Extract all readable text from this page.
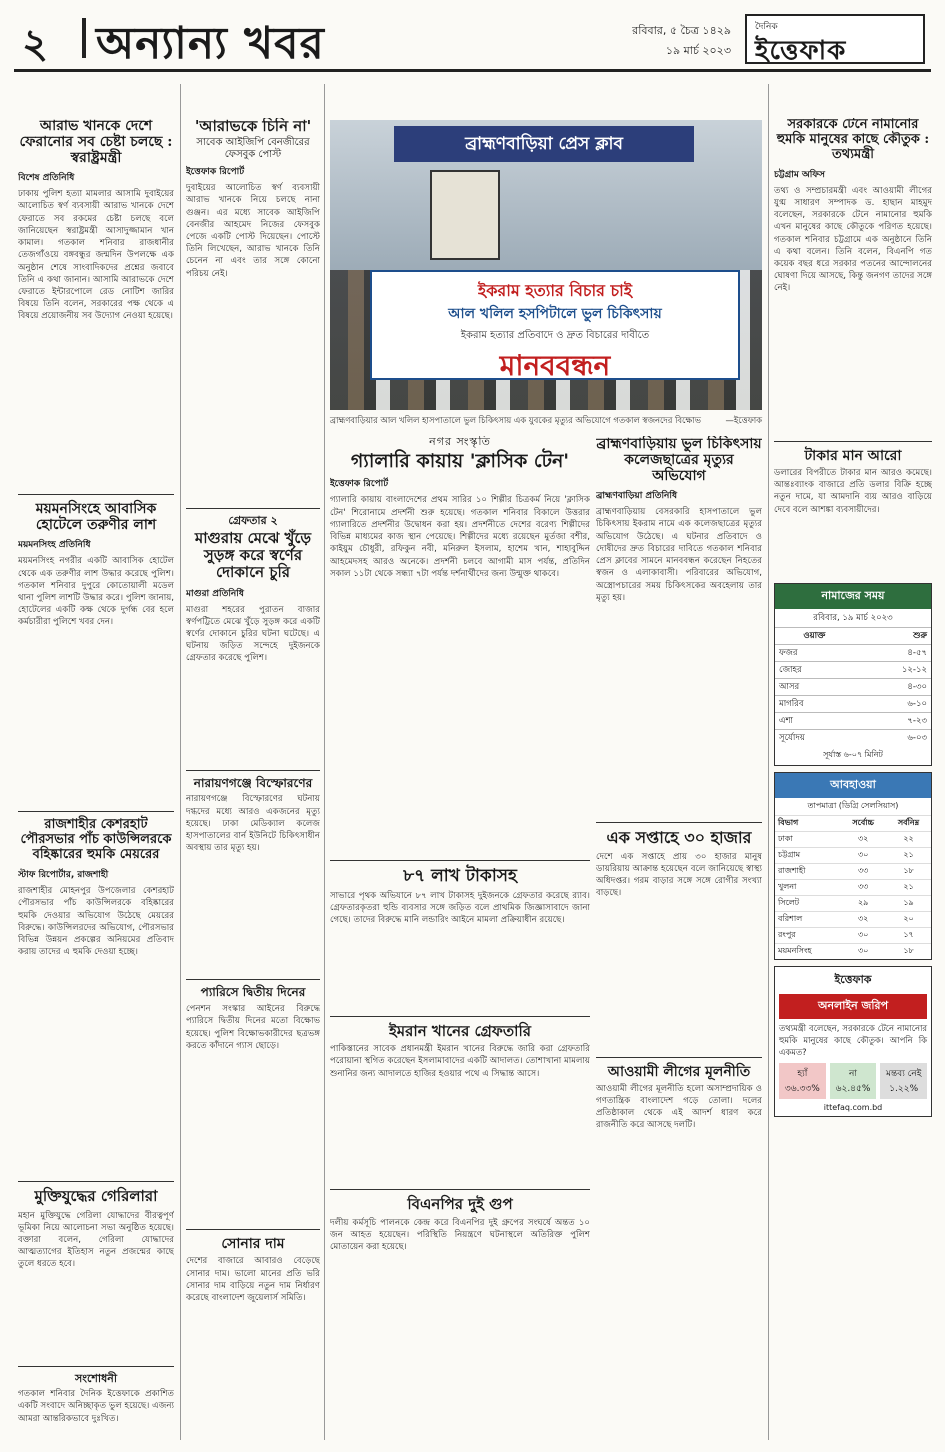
২ অন্যান্য খবর	রবিবার, ৫ চৈত্র ১৪২৯
১৯ মার্চ ২০২৩
দৈনিক
ইত্তেফাক
আরাভ খানকে দেশে ফেরানোর সব চেষ্টা চলছে : স্বরাষ্ট্রমন্ত্রী
বিশেষ প্রতিনিধি
ঢাকায় পুলিশ হত্যা মামলার আসামি দুবাইয়ের আলোচিত স্বর্ণ ব্যবসায়ী আরাভ খানকে দেশে ফেরাতে সব রকমের চেষ্টা চলছে বলে জানিয়েছেন স্বরাষ্ট্রমন্ত্রী আসাদুজ্জামান খান কামাল। গতকাল শনিবার রাজধানীর তেজগাঁওয়ে বঙ্গবন্ধুর জন্মদিন উপলক্ষে এক অনুষ্ঠান শেষে সাংবাদিকদের প্রশ্নের জবাবে তিনি এ কথা জানান। আসামি আরাভকে দেশে ফেরাতে ইন্টারপোলে রেড নোটিশ জারির বিষয়ে তিনি বলেন, সরকারের পক্ষ থেকে এ বিষয়ে প্রয়োজনীয় সব উদ্যোগ নেওয়া হয়েছে।
ময়মনসিংহে আবাসিক হোটেলে তরুণীর লাশ
ময়মনসিংহ প্রতিনিধি
ময়মনসিংহ নগরীর একটি আবাসিক হোটেল থেকে এক তরুণীর লাশ উদ্ধার করেছে পুলিশ। গতকাল শনিবার দুপুরে কোতোয়ালী মডেল থানা পুলিশ লাশটি উদ্ধার করে। পুলিশ জানায়, হোটেলের একটি কক্ষ থেকে দুর্গন্ধ বের হলে কর্মচারীরা পুলিশে খবর দেন।
রাজশাহীর কেশরহাট পৌরসভার পাঁচ কাউন্সিলরকে বহিষ্কারের হুমকি মেয়রের
স্টাফ রিপোর্টার, রাজশাহী
রাজশাহীর মোহনপুর উপজেলার কেশরহাট পৌরসভার পাঁচ কাউন্সিলরকে বহিষ্কারের হুমকি দেওয়ার অভিযোগ উঠেছে মেয়রের বিরুদ্ধে। কাউন্সিলরদের অভিযোগ, পৌরসভার বিভিন্ন উন্নয়ন প্রকল্পের অনিয়মের প্রতিবাদ করায় তাদের এ হুমকি দেওয়া হচ্ছে।
মুক্তিযুদ্ধের গেরিলারা
মহান মুক্তিযুদ্ধে গেরিলা যোদ্ধাদের বীরত্বপূর্ণ ভূমিকা নিয়ে আলোচনা সভা অনুষ্ঠিত হয়েছে। বক্তারা বলেন, গেরিলা যোদ্ধাদের আত্মত্যাগের ইতিহাস নতুন প্রজন্মের কাছে তুলে ধরতে হবে।
সংশোধনী
গতকাল শনিবার দৈনিক ইত্তেফাকে প্রকাশিত একটি সংবাদে অনিচ্ছাকৃত ভুল হয়েছে। এজন্য আমরা আন্তরিকভাবে দুঃখিত।
'আরাভকে চিনি না'
সাবেক আইজিপি বেনজীরের ফেসবুক পোস্ট
ইত্তেফাক রিপোর্ট
দুবাইয়ের আলোচিত স্বর্ণ ব্যবসায়ী আরাভ খানকে নিয়ে চলছে নানা গুঞ্জন। এর মধ্যে সাবেক আইজিপি বেনজীর আহমেদ নিজের ফেসবুক পেজে একটি পোস্ট দিয়েছেন। পোস্টে তিনি লিখেছেন, আরাভ খানকে তিনি চেনেন না এবং তার সঙ্গে কোনো পরিচয় নেই।
গ্রেফতার ২
মাগুরায় মেঝে খুঁড়ে সুড়ঙ্গ করে স্বর্ণের দোকানে চুরি
মাগুরা প্রতিনিধি
মাগুরা শহরের পুরাতন বাজার স্বর্ণপট্টিতে মেঝে খুঁড়ে সুড়ঙ্গ করে একটি স্বর্ণের দোকানে চুরির ঘটনা ঘটেছে। এ ঘটনায় জড়িত সন্দেহে দুইজনকে গ্রেফতার করেছে পুলিশ।
নারায়ণগঞ্জে বিস্ফোরণের
নারায়ণগঞ্জে বিস্ফোরণের ঘটনায় দগ্ধদের মধ্যে আরও একজনের মৃত্যু হয়েছে। ঢাকা মেডিক্যাল কলেজ হাসপাতালের বার্ন ইউনিটে চিকিৎসাধীন অবস্থায় তার মৃত্যু হয়।
প্যারিসে দ্বিতীয় দিনের
পেনশন সংস্কার আইনের বিরুদ্ধে প্যারিসে দ্বিতীয় দিনের মতো বিক্ষোভ হয়েছে। পুলিশ বিক্ষোভকারীদের ছত্রভঙ্গ করতে কাঁদানে গ্যাস ছোড়ে।
সোনার দাম
দেশের বাজারে আবারও বেড়েছে সোনার দাম। ভালো মানের প্রতি ভরি সোনার দাম বাড়িয়ে নতুন দাম নির্ধারণ করেছে বাংলাদেশ জুয়েলার্স সমিতি।
ব্রাহ্মণবাড়িয়া প্রেস ক্লাব
ইকরাম হত্যার বিচার চাই
আল খলিল হসপিটালে ভুল চিকিৎসায়
ইকরাম হত্যার প্রতিবাদে ও দ্রুত বিচারের দাবীতে
মানববন্ধন
ব্রাহ্মণবাড়িয়ার আল খলিল হাসপাতালে ভুল চিকিৎসায় এক যুবকের মৃত্যুর অভিযোগে গতকাল স্বজনদের বিক্ষোভ	—ইত্তেফাক
নগর সংস্কৃতি
গ্যালারি কায়ায় 'ক্লাসিক টেন'
ইত্তেফাক রিপোর্ট
গ্যালারি কায়ায় বাংলাদেশের প্রথম সারির ১০ শিল্পীর চিত্রকর্ম নিয়ে 'ক্লাসিক টেন' শিরোনামে প্রদর্শনী শুরু হয়েছে। গতকাল শনিবার বিকালে উত্তরার গ্যালারিতে প্রদর্শনীর উদ্বোধন করা হয়। প্রদর্শনীতে দেশের বরেণ্য শিল্পীদের বিভিন্ন মাধ্যমের কাজ স্থান পেয়েছে। শিল্পীদের মধ্যে রয়েছেন মুর্তজা বশীর, কাইয়ুম চৌধুরী, রফিকুন নবী, মনিরুল ইসলাম, হাশেম খান, শাহাবুদ্দিন আহমেদসহ আরও অনেকে। প্রদর্শনী চলবে আগামী মাস পর্যন্ত, প্রতিদিন সকাল ১১টা থেকে সন্ধ্যা ৭টা পর্যন্ত দর্শনার্থীদের জন্য উন্মুক্ত থাকবে।
৮৭ লাখ টাকাসহ
সাভারে পৃথক অভিযানে ৮৭ লাখ টাকাসহ দুইজনকে গ্রেফতার করেছে র‍্যাব। গ্রেফতারকৃতরা হুন্ডি ব্যবসার সঙ্গে জড়িত বলে প্রাথমিক জিজ্ঞাসাবাদে জানা গেছে। তাদের বিরুদ্ধে মানি লন্ডারিং আইনে মামলা প্রক্রিয়াধীন রয়েছে।
ইমরান খানের গ্রেফতারি
পাকিস্তানের সাবেক প্রধানমন্ত্রী ইমরান খানের বিরুদ্ধে জারি করা গ্রেফতারি পরোয়ানা স্থগিত করেছেন ইসলামাবাদের একটি আদালত। তোশাখানা মামলায় শুনানির জন্য আদালতে হাজির হওয়ার পথে এ সিদ্ধান্ত আসে।
বিএনপির দুই গুপ
দলীয় কর্মসূচি পালনকে কেন্দ্র করে বিএনপির দুই গ্রুপের সংঘর্ষে অন্তত ১০ জন আহত হয়েছেন। পরিস্থিতি নিয়ন্ত্রণে ঘটনাস্থলে অতিরিক্ত পুলিশ মোতায়েন করা হয়েছে।
ব্রাহ্মণবাড়িয়ায় ভুল চিকিৎসায় কলেজছাত্রের মৃত্যুর অভিযোগ
ব্রাহ্মণবাড়িয়া প্রতিনিধি
ব্রাহ্মণবাড়িয়ায় বেসরকারি হাসপাতালে ভুল চিকিৎসায় ইকরাম নামে এক কলেজছাত্রের মৃত্যুর অভিযোগ উঠেছে। এ ঘটনার প্রতিবাদে ও দোষীদের দ্রুত বিচারের দাবিতে গতকাল শনিবার প্রেস ক্লাবের সামনে মানববন্ধন করেছেন নিহতের স্বজন ও এলাকাবাসী। পরিবারের অভিযোগ, অস্ত্রোপচারের সময় চিকিৎসকের অবহেলায় তার মৃত্যু হয়।
এক সপ্তাহে ৩০ হাজার
দেশে এক সপ্তাহে প্রায় ৩০ হাজার মানুষ ডায়রিয়ায় আক্রান্ত হয়েছেন বলে জানিয়েছে স্বাস্থ্য অধিদপ্তর। গরম বাড়ার সঙ্গে সঙ্গে রোগীর সংখ্যা বাড়ছে।
আওয়ামী লীগের মূলনীতি
আওয়ামী লীগের মূলনীতি হলো অসাম্প্রদায়িক ও গণতান্ত্রিক বাংলাদেশ গড়ে তোলা। দলের প্রতিষ্ঠাকাল থেকে এই আদর্শ ধারণ করে রাজনীতি করে আসছে দলটি।
সরকারকে টেনে নামানোর হুমকি মানুষের কাছে কৌতুক : তথ্যমন্ত্রী
চট্টগ্রাম অফিস
তথ্য ও সম্প্রচারমন্ত্রী এবং আওয়ামী লীগের যুগ্ম সাধারণ সম্পাদক ড. হাছান মাহমুদ বলেছেন, সরকারকে টেনে নামানোর হুমকি এখন মানুষের কাছে কৌতুকে পরিণত হয়েছে। গতকাল শনিবার চট্টগ্রামে এক অনুষ্ঠানে তিনি এ কথা বলেন। তিনি বলেন, বিএনপি গত কয়েক বছর ধরে সরকার পতনের আন্দোলনের ঘোষণা দিয়ে আসছে, কিন্তু জনগণ তাদের সঙ্গে নেই।
টাকার মান আরো
ডলারের বিপরীতে টাকার মান আরও কমেছে। আন্তঃব্যাংক বাজারে প্রতি ডলার বিক্রি হচ্ছে নতুন দামে, যা আমদানি ব্যয় আরও বাড়িয়ে দেবে বলে আশঙ্কা ব্যবসায়ীদের।
নামাজের সময়
রবিবার, ১৯ মার্চ ২০২৩
ওয়াক্ত	শুরু
ফজর	৪-৫৭
জোহর	১২-১২
আসর	৪-৩০
মাগরিব	৬-১০
এশা	৭-২৩
সূর্যোদয়	৬-০৩
সূর্যাস্ত ৬-০৭ মিনিট
আবহাওয়া
তাপমাত্রা (ডিগ্রি সেলসিয়াস)
বিভাগ	সর্বোচ্চ	সর্বনিম্ন
ঢাকা	৩২	২২
চট্টগ্রাম	৩০	২১
রাজশাহী	৩৩	১৮
খুলনা	৩৩	২১
সিলেট	২৯	১৯
বরিশাল	৩২	২০
রংপুর	৩০	১৭
ময়মনসিংহ	৩০	১৮
ইত্তেফাক
অনলাইন জরিপ
তথ্যমন্ত্রী বলেছেন, সরকারকে টেনে নামানোর হুমকি মানুষের কাছে কৌতুক। আপনি কি একমত?
হ্যাঁ
৩৬.৩৩%
না
৬২.৪৫%
মন্তব্য নেই
১.২২%
ittefaq.com.bd
